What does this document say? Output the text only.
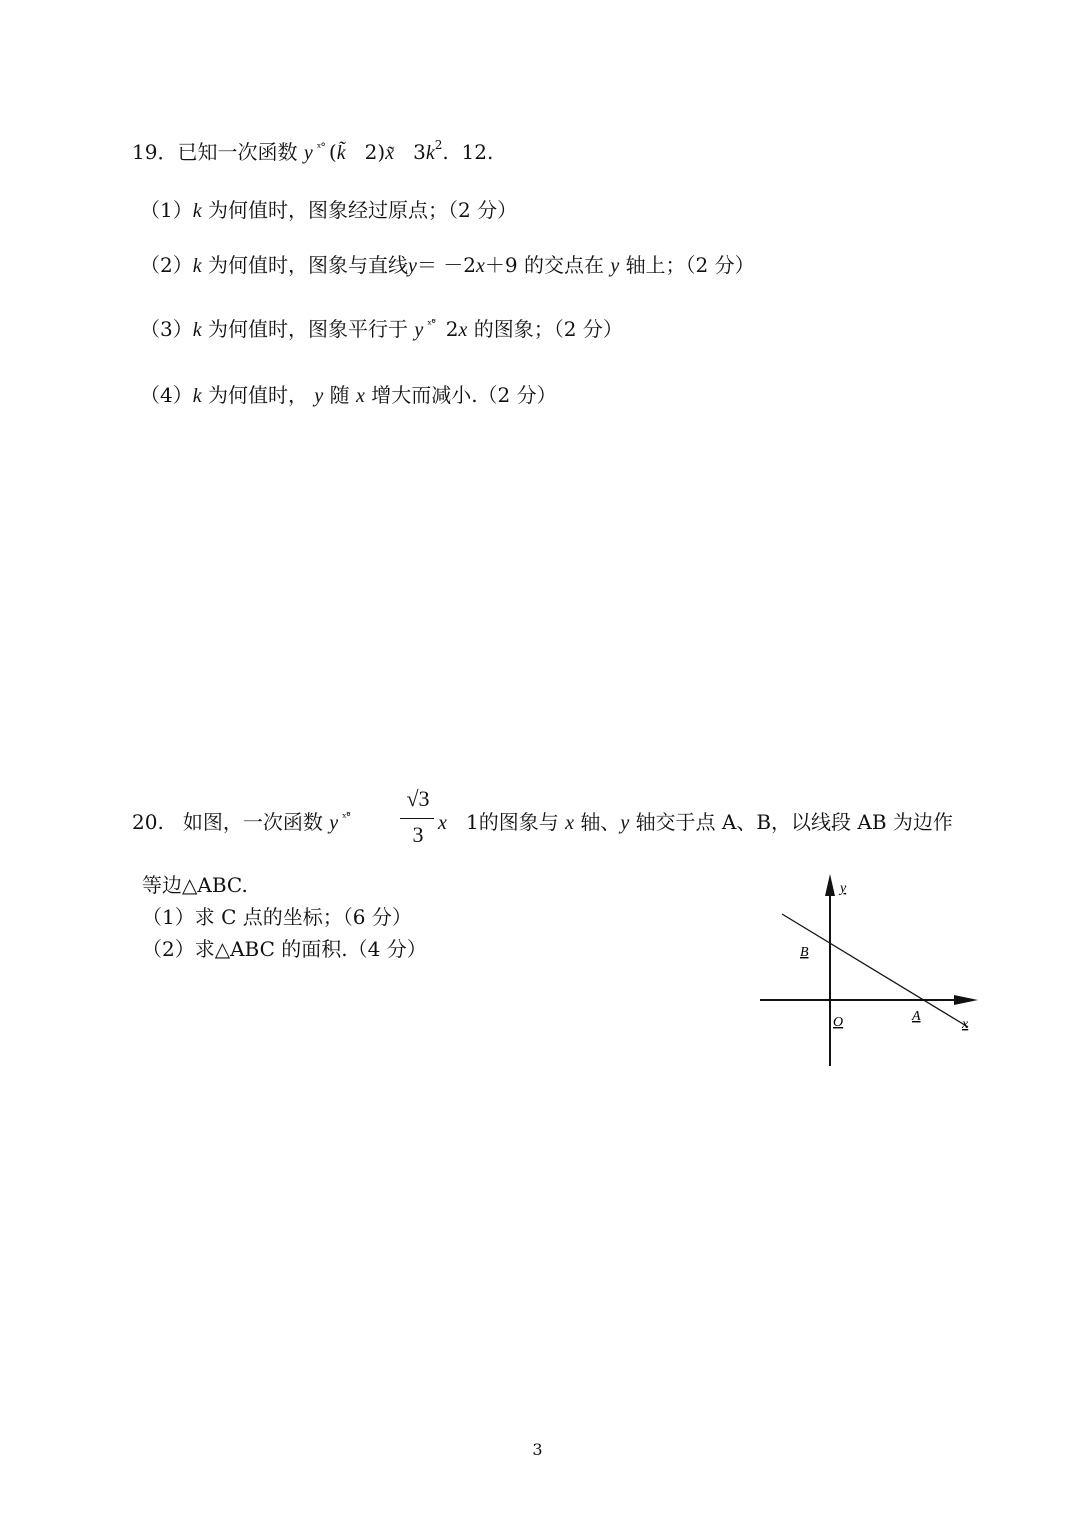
19．已知一次函数 y $^{ˣ^\circ}$ (k̃ 2)x̃ $3k^2$. 12.
（1）k 为何值时，图象经过原点；（2 分）
（2）k 为何值时，图象与直线y＝ －2x＋9 的交点在 y 轴上；（2 分）
（3）k 为何值时，图象平行于 y $^{ˣ^\circ̃}$ 2x 的图象；（2 分）
（4）k 为何值时， y 随 x 增大而减小.（2 分）
20. 如图，一次函数 y $^{ˣ^\circ̃}$
√3
3 x 1的图象与 x 轴、y 轴交于点 A、B，以线段 AB 为边作
等边△ABC.
（1）求 C 点的坐标；（6 分）
（2）求△ABC 的面积.（4 分）
y
B
O	A
x
3
